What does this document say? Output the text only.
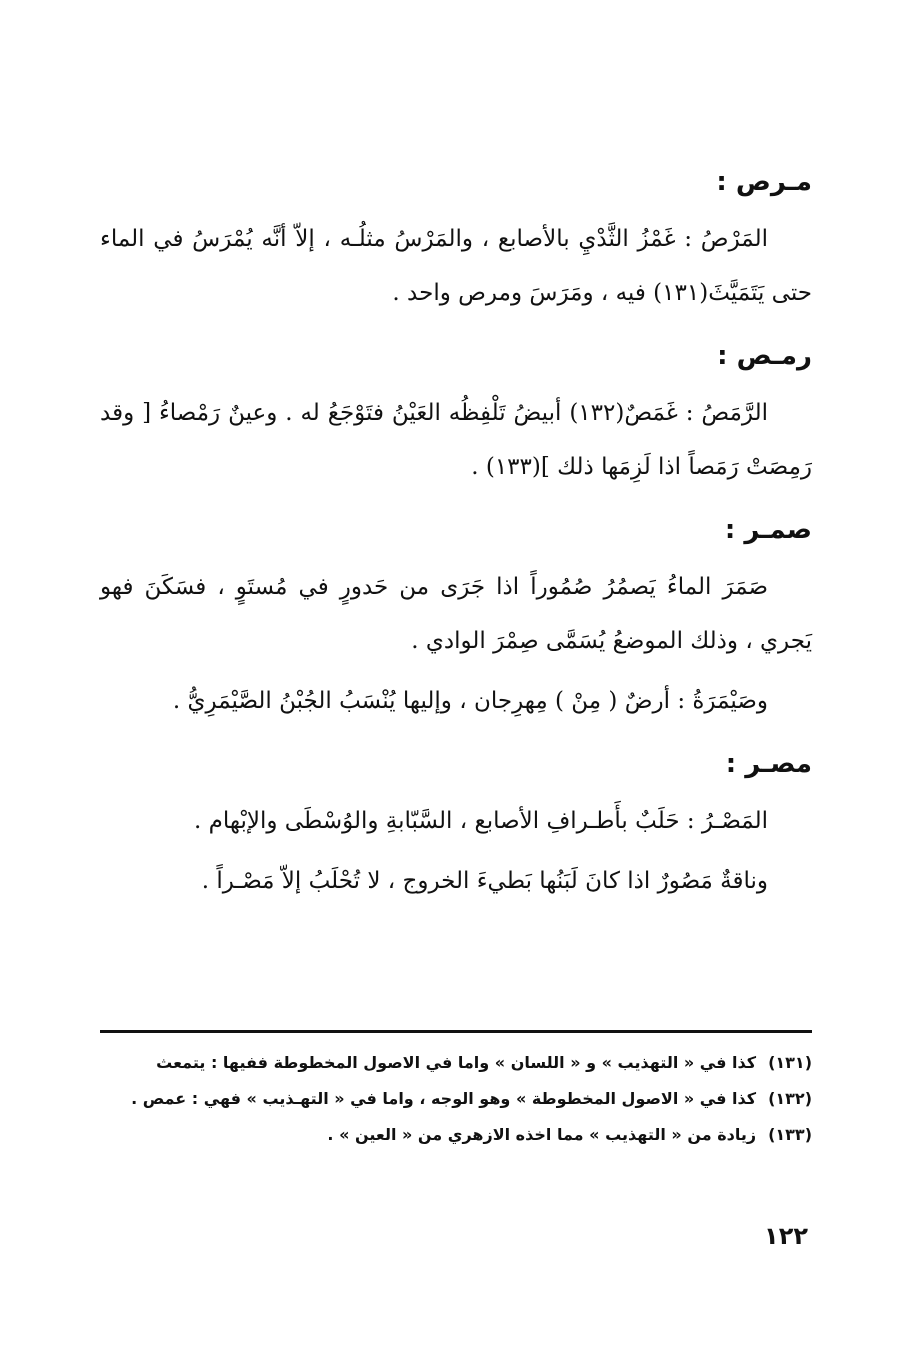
مـرص :

المَرْصُ : غَمْزُ الثَّدْيِ بالأصابع ، والمَرْسُ مثلُـه ، إلاّ أنَّه يُمْرَسُ في الماء حتى يَتَمَيَّثَ(١٣١) فيه ، ومَرَسَ ومرص واحد .

رمـص :

الرَّمَصُ : غَمَصٌ(١٣٢) أبيضُ تَلْفِظُه العَيْنُ فتَوْجَعُ له . وعينٌ رَمْصاءُ [ وقد رَمِصَتْ رَمَصاً اذا لَزِمَها ذلك ](١٣٣) .

صمـر :

صَمَرَ الماءُ يَصمُرُ صُمُوراً اذا جَرَى من حَدورٍ في مُستَوٍ ، فسَكَنَ فهو يَجري ، وذلك الموضعُ يُسَمَّى صِمْرَ الوادي .

وصَيْمَرَةُ : أرضٌ ( مِنْ ) مِهرِجان ، وإليها يُنْسَبُ الجُبْنُ الصَّيْمَرِيُّ .

مصـر :

المَصْـرُ : حَلَبٌ بأَطـرافِ الأصابع ، السَّبّابةِ والوُسْطَى والإبْهام .

وناقةٌ مَصُورٌ اذا كانَ لَبَنُها بَطيءَ الخروج ، لا تُحْلَبُ إلاّ مَصْـراً .

(١٣١)
كذا في « التهذيب » و « اللسان » واما في الاصول المخطوطة ففيها : يتمعث
(١٣٢)
كذا في « الاصول المخطوطة » وهو الوجه ، واما في « التهـذيب » فهي : عمص .
(١٣٣)
زيادة من « التهذيب » مما اخذه الازهري من « العين » .
١٢٢
